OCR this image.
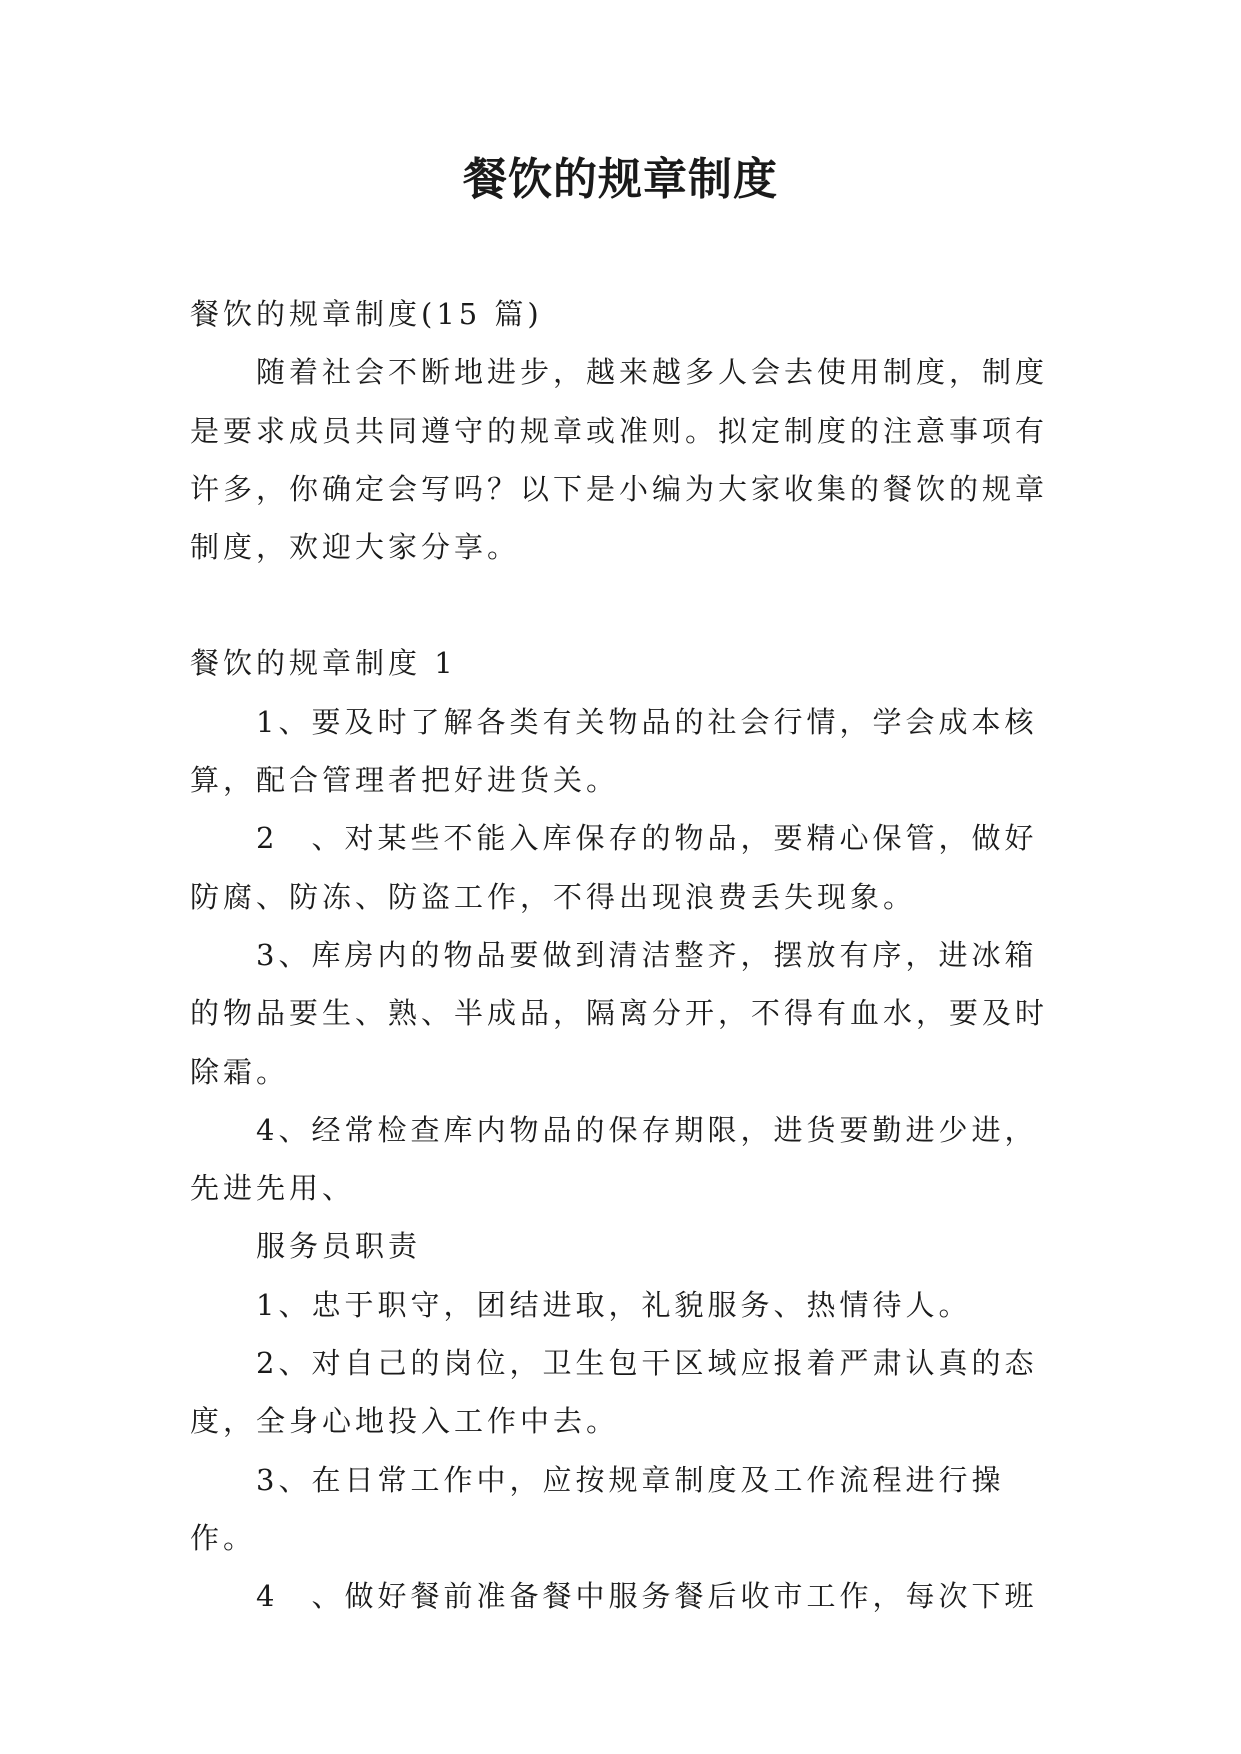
餐饮的规章制度

餐饮的规章制度(15 篇)

随着社会不断地进步，越来越多人会去使用制度，制度是要求成员共同遵守的规章或准则。拟定制度的注意事项有许多，你确定会写吗？以下是小编为大家收集的餐饮的规章制度，欢迎大家分享。

餐饮的规章制度 1

1、要及时了解各类有关物品的社会行情，学会成本核算，配合管理者把好进货关。

2　、对某些不能入库保存的物品，要精心保管，做好防腐、防冻、防盗工作，不得出现浪费丢失现象。

3、库房内的物品要做到清洁整齐，摆放有序，进冰箱的物品要生、熟、半成品，隔离分开，不得有血水，要及时除霜。

4、经常检查库内物品的保存期限，进货要勤进少进，先进先用、

服务员职责

1、忠于职守，团结进取，礼貌服务、热情待人。

2、对自己的岗位，卫生包干区域应报着严肃认真的态度，全身心地投入工作中去。

3、在日常工作中，应按规章制度及工作流程进行操作。

4　、做好餐前准备餐中服务餐后收市工作，每次下班
